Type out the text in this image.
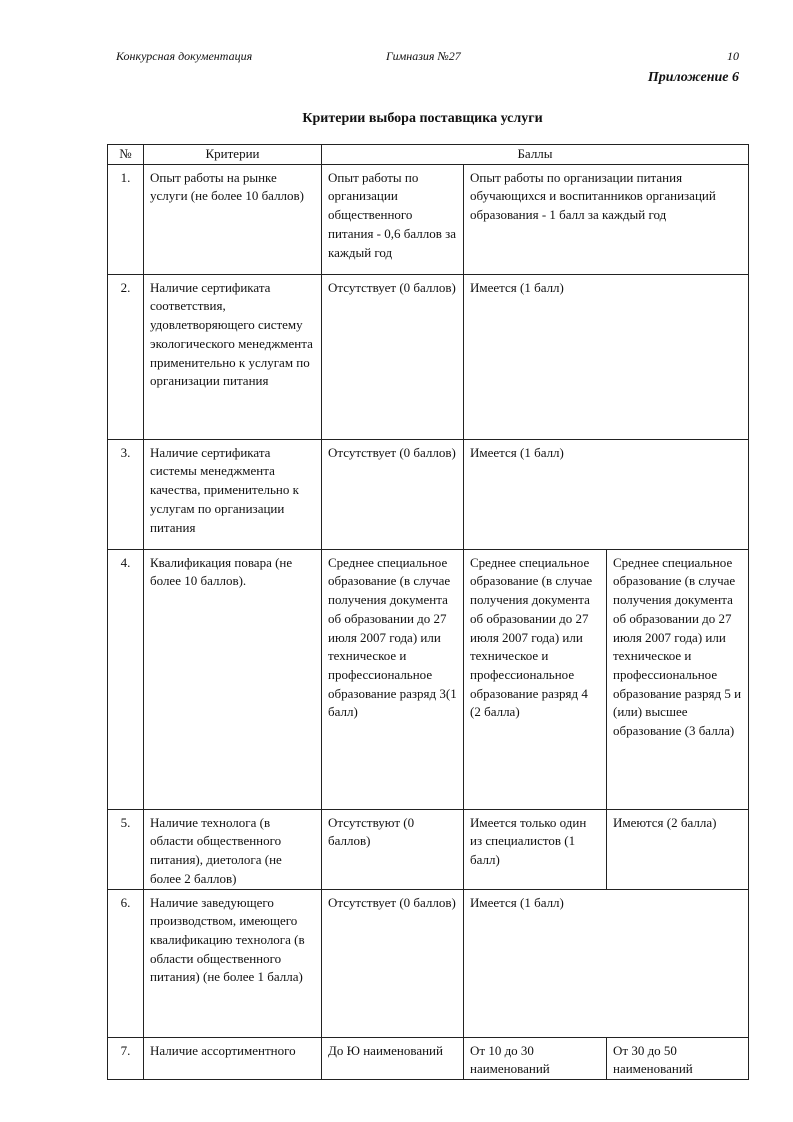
Конкурсная документация	Гимназия №27	10
Приложение 6
Критерии выбора поставщика услуги
№	Критерии	Баллы		
1.	Опыт работы на рынке услуги (не более 10 баллов)	Опыт работы по организации общественного питания - 0,6 баллов за каждый год	Опыт работы по организации питания обучающихся и воспитанников организаций образования - 1 балл за каждый год	
2.	Наличие сертификата соответствия, удовлетворяющего систему экологического менеджмента применительно к услугам по организации питания	Отсутствует (0 баллов)	Имеется (1 балл)	
3.	Наличие сертификата системы менеджмента качества, применительно к услугам по организации питания	Отсутствует (0 баллов)	Имеется (1 балл)	
4.	Квалификация повара (не более 10 баллов).	Среднее специальное образование (в случае получения документа об образовании до 27 июля 2007 года) или техническое и профессиональное образование разряд 3(1 балл)	Среднее специальное образование (в случае получения документа об образовании до 27 июля 2007 года) или техническое и профессиональное образование разряд 4 (2 балла)	Среднее специальное образование (в случае получения документа об образовании до 27 июля 2007 года) или техническое и профессиональное образование разряд 5 и (или) высшее образование (3 балла)
5.	Наличие технолога (в области общественного питания), диетолога (не более 2 баллов)	Отсутствуют (0 баллов)	Имеется только один из специалистов (1 балл)	Имеются (2 балла)
6.	Наличие заведующего производством, имеющего квалификацию технолога (в области общественного питания) (не более 1 балла)	Отсутствует (0 баллов)	Имеется (1 балл)	
7.	Наличие ассортиментного	До Ю наименований	От 10 до 30 наименований	От 30 до 50 наименований
